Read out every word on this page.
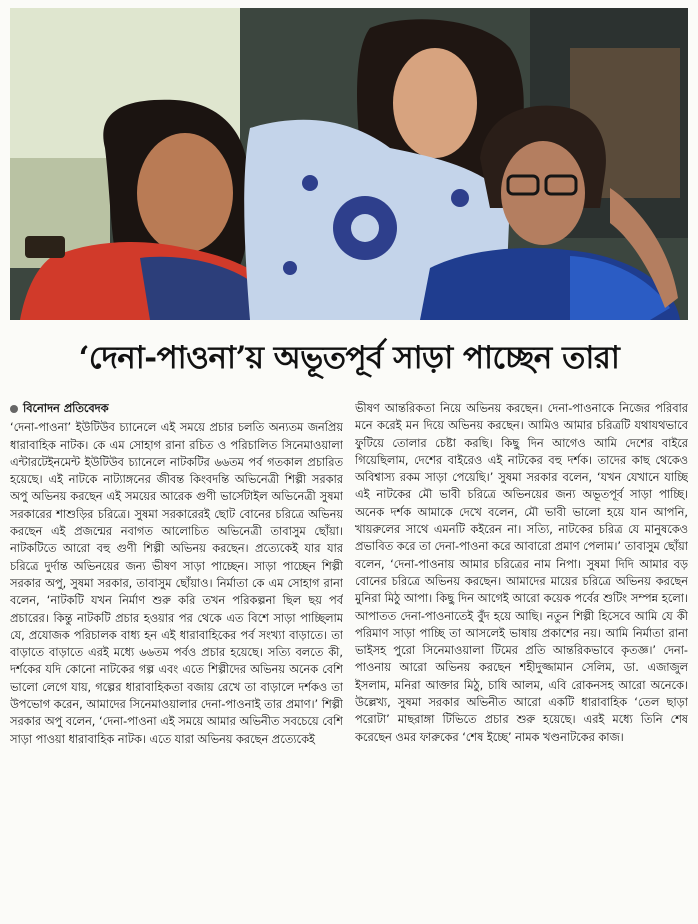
‘দেনা-পাওনা’য় অভূতপূর্ব সাড়া পাচ্ছেন তারা
বিনোদন প্রতিবেদক

‘দেনা-পাওনা’ ইউটিউব চ্যানেলে এই সময়ে প্রচার চলতি অন্যতম জনপ্রিয় ধারাবাহিক নাটক। কে এম সোহাগ রানা রচিত ও পরিচালিত সিনেমাওয়ালা এন্টারটেইনমেন্ট ইউটিউব চ্যানেলে নাটকটির ৬৬তম পর্ব গতকাল প্রচারিত হয়েছে। এই নাটকে নাট্যাঙ্গনের জীবন্ত কিংবদন্তি অভিনেত্রী শিল্পী সরকার অপু অভিনয় করছেন এই সময়ের আরেক গুণী ভার্সেটাইল অভিনেত্রী সুষমা সরকারের শাশুড়ির চরিত্রে। সুষমা সরকারেরই ছোট বোনের চরিত্রে অভিনয় করছেন এই প্রজন্মের নবাগত আলোচিত অভিনেত্রী তাবাসুম ছোঁয়া। নাটকটিতে আরো বহু গুণী শিল্পী অভিনয় করছেন। প্রত্যেকেই যার যার চরিত্রে দুর্দান্ত অভিনয়ের জন্য ভীষণ সাড়া পাচ্ছেন। সাড়া পাচ্ছেন শিল্পী সরকার অপু, সুষমা সরকার, তাবাসুম ছোঁয়াও। নির্মাতা কে এম সোহাগ রানা বলেন, ‘নাটকটি যখন নির্মাণ শুরু করি তখন পরিকল্পনা ছিল ছয় পর্ব প্রচারের। কিন্তু নাটকটি প্রচার হওয়ার পর থেকে এত বিশে সাড়া পাচ্ছিলাম যে, প্রযোজক পরিচালক বাধ্য হন এই ধারাবাহিকের পর্ব সংখ্যা বাড়াতে। তা বাড়াতে বাড়াতে এরই মধ্যে ৬৬তম পর্বও প্রচার হয়েছে। সত্যি বলতে কী, দর্শকের যদি কোনো নাটকের গল্প এবং এতে শিল্পীদের অভিনয় অনেক বেশি ভালো লেগে যায়, গল্পের ধারাবাহিকতা বজায় রেখে তা বাড়ালে দর্শকও তা উপভোগ করেন, আমাদের সিনেমাওয়ালার দেনা-পাওনাই তার প্রমাণ।’ শিল্পী সরকার অপু বলেন, ‘দেনা-পাওনা এই সময়ে আমার অভিনীত সবচেয়ে বেশি সাড়া পাওয়া ধারাবাহিক নাটক। এতে যারা অভিনয় করছেন প্রত্যেকেই

ভীষণ আন্তরিকতা নিয়ে অভিনয় করছেন। দেনা-পাওনাকে নিজের পরিবার মনে করেই মন দিয়ে অভিনয় করছেন। আমিও আমার চরিত্রটি যথাযথভাবে ফুটিয়ে তোলার চেষ্টা করছি। কিছু দিন আগেও আমি দেশের বাইরে গিয়েছিলাম, দেশের বাইরেও এই নাটকের বহু দর্শক। তাদের কাছ থেকেও অবিশ্বাস্য রকম সাড়া পেয়েছি।’ সুষমা সরকার বলেন, ‘যখন যেখানে যাচ্ছি এই নাটকের মৌ ভাবী চরিত্রে অভিনয়ের জন্য অভূতপূর্ব সাড়া পাচ্ছি। অনেক দর্শক আমাকে দেখে বলেন, মৌ ভাবী ভালো হয়ে যান আপনি, খায়রুলের সাথে এমনটি কইরেন না। সত্যি, নাটকের চরিত্র যে মানুষকেও প্রভাবিত করে তা দেনা-পাওনা করে আবারো প্রমাণ পেলাম।’ তাবাসুম ছোঁয়া বলেন, ‘দেনা-পাওনায় আমার চরিত্রের নাম নিপা। সুষমা দিদি আমার বড় বোনের চরিত্রে অভিনয় করছেন। আমাদের মায়ের চরিত্রে অভিনয় করছেন মুনিরা মিঠু আপা। কিছু দিন আগেই আরো কয়েক পর্বের শুটিং সম্পন্ন হলো। আপাতত দেনা-পাওনাতেই বুঁদ হয়ে আছি। নতুন শিল্পী হিসেবে আমি যে কী পরিমাণ সাড়া পাচ্ছি তা আসলেই ভাষায় প্রকাশের নয়। আমি নির্মাতা রানা ভাইসহ পুরো সিনেমাওয়ালা টিমের প্রতি আন্তরিকভাবে কৃতজ্ঞ।’ দেনা-পাওনায় আরো অভিনয় করছেন শহীদুজ্জামান সেলিম, ডা. এজাজুল ইসলাম, মনিরা আক্তার মিঠু, চাষি আলম, এবি রোকনসহ আরো অনেকে। উল্লেখ্য, সুষমা সরকার অভিনীত আরো একটি ধারাবাহিক ‘তেল ছাড়া পরোটা’ মাছরাঙ্গা টিভিতে প্রচার শুরু হয়েছে। এরই মধ্যে তিনি শেষ করেছেন ওমর ফারুকের ‘শেষ ইচ্ছে’ নামক খণ্ডনাটকের কাজ।
